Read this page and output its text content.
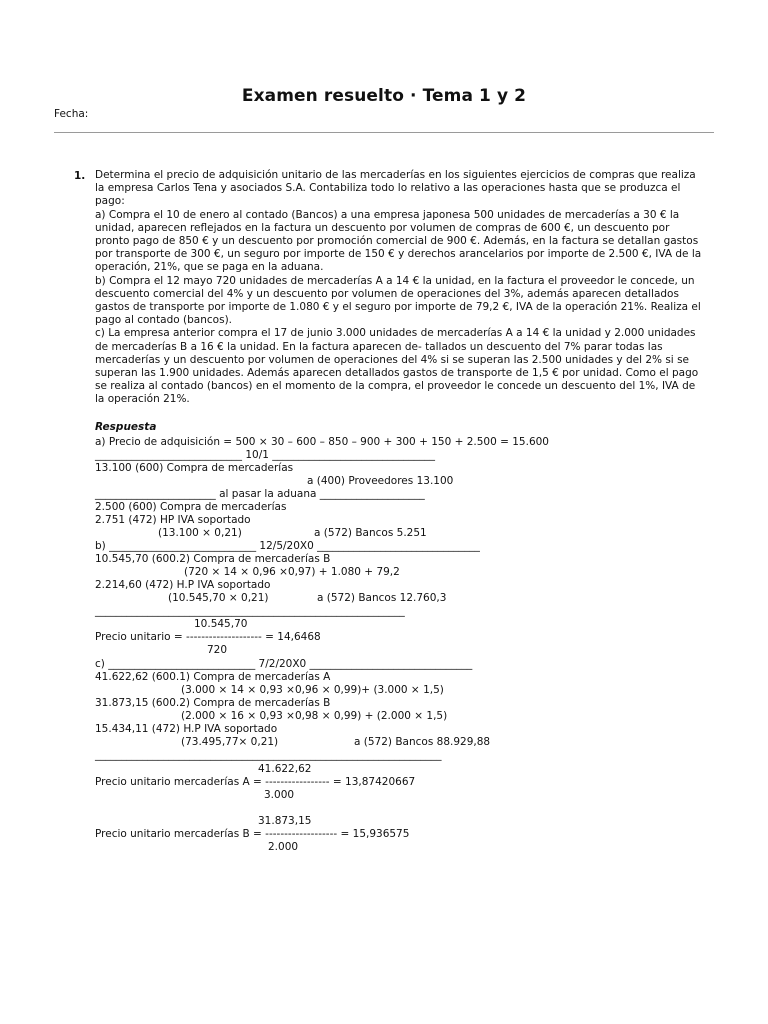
Examen resuelto · Tema 1 y 2
Fecha:
1. Determina el precio de adquisición unitario de las mercaderías en los siguientes ejercicios de compras que realiza
la empresa Carlos Tena y asociados S.A. Contabiliza todo lo relativo a las operaciones hasta que se produzca el
pago:
a) Compra el 10 de enero al contado (Bancos) a una empresa japonesa 500 unidades de mercaderías a 30 € la
unidad, aparecen reflejados en la factura un descuento por volumen de compras de 600 €, un descuento por
pronto pago de 850 € y un descuento por promoción comercial de 900 €. Además, en la factura se detallan gastos
por transporte de 300 €, un seguro por importe de 150 € y derechos arancelarios por importe de 2.500 €, IVA de la
operación, 21%, que se paga en la aduana.
b) Compra el 12 mayo 720 unidades de mercaderías A a 14 € la unidad, en la factura el proveedor le concede, un
descuento comercial del 4% y un descuento por volumen de operaciones del 3%, además aparecen detallados
gastos de transporte por importe de 1.080 € y el seguro por importe de 79,2 €, IVA de la operación 21%. Realiza el
pago al contado (bancos).
c) La empresa anterior compra el 17 de junio 3.000 unidades de mercaderías A a 14 € la unidad y 2.000 unidades
de mercaderías B a 16 € la unidad. En la factura aparecen de- tallados un descuento del 7% parar todas las
mercaderías y un descuento por volumen de operaciones del 4% si se superan las 2.500 unidades y del 2% si se
superan las 1.900 unidades. Además aparecen detallados gastos de transporte de 1,5 € por unidad. Como el pago
se realiza al contado (bancos) en el momento de la compra, el proveedor le concede un descuento del 1%, IVA de
la operación 21%.
Respuesta
a) Precio de adquisición = 500 × 30 – 600 – 850 – 900 + 300 + 150 + 2.500 = 15.600
____________________________ 10/1 _______________________________
13.100 (600) Compra de mercaderías
a (400) Proveedores 13.100
_______________________ al pasar la aduana ____________________
2.500 (600) Compra de mercaderías
2.751 (472) HP IVA soportado
(13.100 × 0,21)	a (572) Bancos 5.251
b) ____________________________ 12/5/20X0 _______________________________
10.545,70 (600.2) Compra de mercaderías B
(720 × 14 × 0,96 ×0,97) + 1.080 + 79,2
2.214,60 (472) H.P IVA soportado
(10.545,70 × 0,21)	a (572) Bancos 12.760,3
___________________________________________________________
10.545,70
Precio unitario = -------------------- = 14,6468
720
c) ____________________________ 7/2/20X0 _______________________________
41.622,62 (600.1) Compra de mercaderías A
(3.000 × 14 × 0,93 ×0,96 × 0,99)+ (3.000 × 1,5)
31.873,15 (600.2) Compra de mercaderías B
(2.000 × 16 × 0,93 ×0,98 × 0,99) + (2.000 × 1,5)
15.434,11 (472) H.P IVA soportado
(73.495,77× 0,21)	a (572) Bancos 88.929,88
__________________________________________________________________
41.622,62
Precio unitario mercaderías A = ----------------- = 13,87420667
3.000
31.873,15
Precio unitario mercaderías B = ------------------- = 15,936575
2.000
